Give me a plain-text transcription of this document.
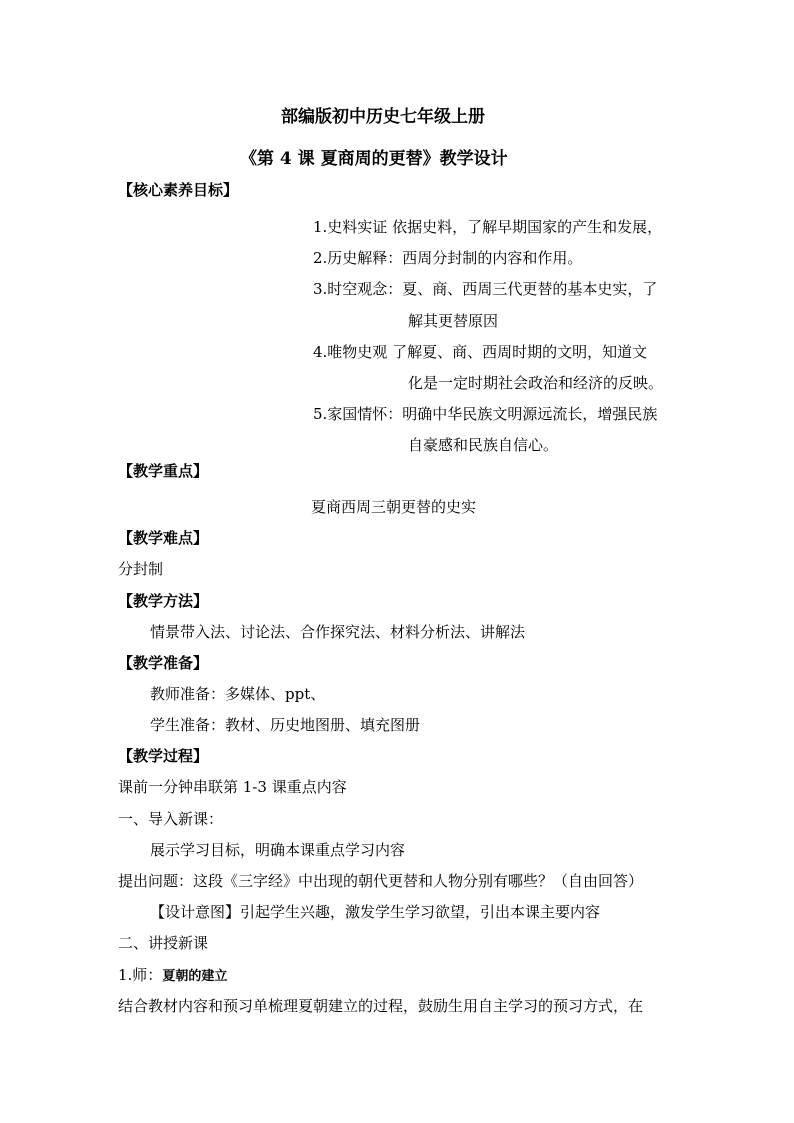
部编版初中历史七年级上册
《第 4 课 夏商周的更替》教学设计
【核心素养目标】
1.史料实证 依据史料，了解早期国家的产生和发展，
2.历史解释：西周分封制的内容和作用。
3.时空观念：夏、商、西周三代更替的基本史实，了
解其更替原因
4.唯物史观 了解夏、商、西周时期的文明，知道文
化是一定时期社会政治和经济的反映。
5.家国情怀：明确中华民族文明源远流长，增强民族
自豪感和民族自信心。
【教学重点】
夏商西周三朝更替的史实
【教学难点】
分封制
【教学方法】
情景带入法、讨论法、合作探究法、材料分析法、讲解法
【教学准备】
教师准备：多媒体、ppt、
学生准备：教材、历史地图册、填充图册
【教学过程】
课前一分钟串联第 1-3 课重点内容
一、导入新课：
展示学习目标，明确本课重点学习内容
提出问题：这段《三字经》中出现的朝代更替和人物分别有哪些？（自由回答）
【设计意图】引起学生兴趣，激发学生学习欲望，引出本课主要内容
二、讲授新课
1.师：夏朝的建立
结合教材内容和预习单梳理夏朝建立的过程，鼓励生用自主学习的预习方式，在
